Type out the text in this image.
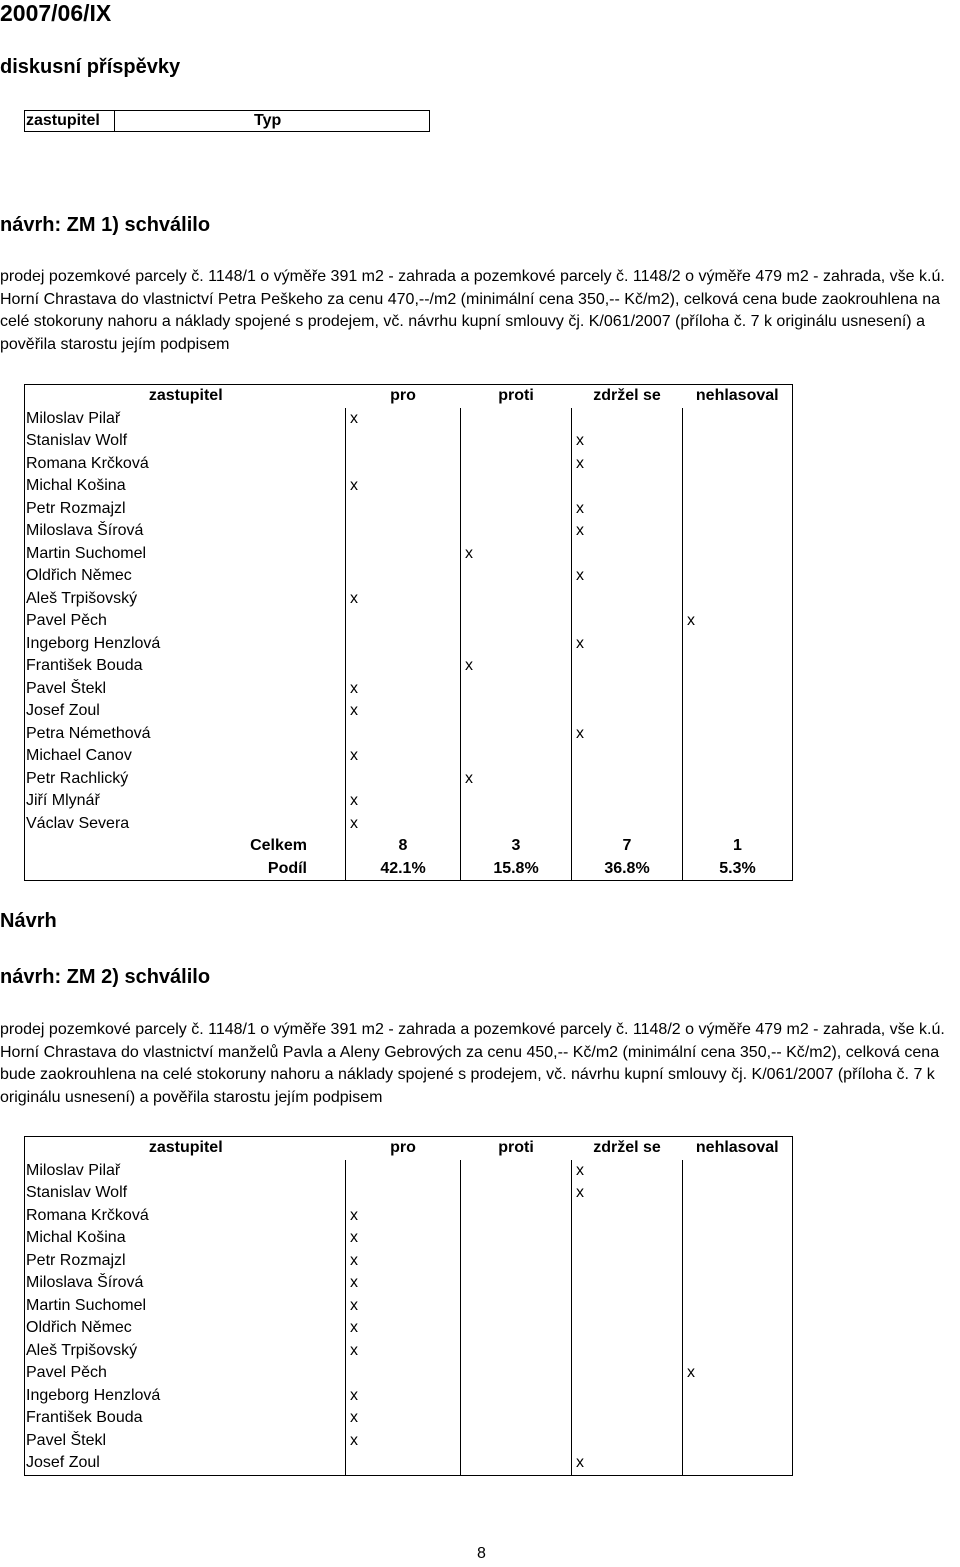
2007/06/IX
diskusní příspěvky
zastupitel	Typ
návrh: ZM 1) schválilo
prodej pozemkové parcely č. 1148/1 o výměře 391 m2 - zahrada a pozemkové parcely č. 1148/2 o výměře 479 m2 - zahrada, vše k.ú. Horní Chrastava do vlastnictví Petra Peškeho za cenu 470,--/m2 (minimální cena 350,-- Kč/m2), celková cena bude zaokrouhlena na celé stokoruny nahoru a náklady spojené s prodejem, vč. návrhu kupní smlouvy čj. K/061/2007 (příloha č. 7 k originálu usnesení) a pověřila starostu jejím podpisem
zastupitel	pro	proti	zdržel se	nehlasoval
Miloslav Pilař	x			
Stanislav Wolf			x	
Romana Krčková			x	
Michal Košina	x			
Petr Rozmajzl			x	
Miloslava Šírová			x	
Martin Suchomel		x		
Oldřich Němec			x	
Aleš Trpišovský	x			
Pavel Pěch				x
Ingeborg Henzlová			x	
František Bouda		x		
Pavel Štekl	x			
Josef Zoul	x			
Petra Némethová			x	
Michael Canov	x			
Petr Rachlický		x		
Jiří Mlynář	x			
Václav Severa	x			
Celkem	8	3	7	1
Podíl	42.1%	15.8%	36.8%	5.3%
Návrh
návrh: ZM 2) schválilo
prodej pozemkové parcely č. 1148/1 o výměře 391 m2 - zahrada a pozemkové parcely č. 1148/2 o výměře 479 m2 - zahrada, vše k.ú. Horní Chrastava do vlastnictví manželů Pavla a Aleny Gebrových za cenu 450,-- Kč/m2 (minimální cena 350,-- Kč/m2), celková cena bude zaokrouhlena na celé stokoruny nahoru a náklady spojené s prodejem, vč. návrhu kupní smlouvy čj. K/061/2007 (příloha č. 7 k originálu usnesení) a pověřila starostu jejím podpisem
zastupitel	pro	proti	zdržel se	nehlasoval
Miloslav Pilař			x	
Stanislav Wolf			x	
Romana Krčková	x			
Michal Košina	x			
Petr Rozmajzl	x			
Miloslava Šírová	x			
Martin Suchomel	x			
Oldřich Němec	x			
Aleš Trpišovský	x			
Pavel Pěch				x
Ingeborg Henzlová	x			
František Bouda	x			
Pavel Štekl	x			
Josef Zoul			x	
8
